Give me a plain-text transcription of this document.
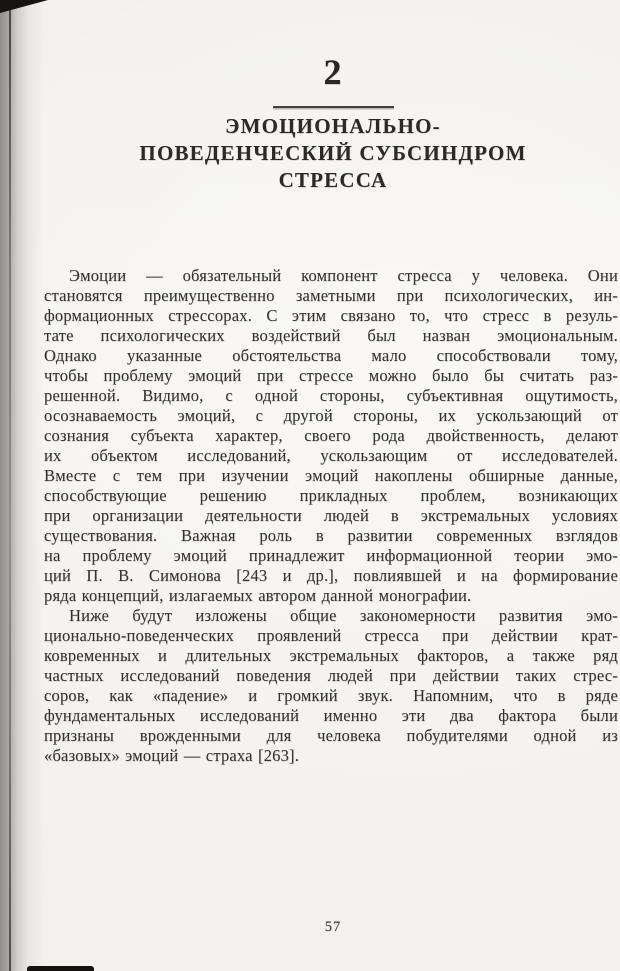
2
ЭМОЦИОНАЛЬНО-
ПОВЕДЕНЧЕСКИЙ СУБСИНДРОМ
СТРЕССА
Эмоции — обязательный компонент стресса у человека. Они
становятся преимущественно заметными при психологических, ин-
формационных стрессорах. С этим связано то, что стресс в резуль-
тате психологических воздействий был назван эмоциональным.
Однако указанные обстоятельства мало способствовали тому,
чтобы проблему эмоций при стрессе можно было бы считать раз-
решенной. Видимо, с одной стороны, субъективная ощутимость,
осознаваемость эмоций, с другой стороны, их ускользающий от
сознания субъекта характер, своего рода двойственность, делают
их объектом исследований, ускользающим от исследователей.
Вместе с тем при изучении эмоций накоплены обширные данные,
способствующие решению прикладных проблем, возникающих
при организации деятельности людей в экстремальных условиях
существования. Важная роль в развитии современных взглядов
на проблему эмоций принадлежит информационной теории эмо-
ций П. В. Симонова [243 и др.], повлиявшей и на формирование
ряда концепций, излагаемых автором данной монографии.
Ниже будут изложены общие закономерности развития эмо-
ционально-поведенческих проявлений стресса при действии крат-
ковременных и длительных экстремальных факторов, а также ряд
частных исследований поведения людей при действии таких стрес-
соров, как «падение» и громкий звук. Напомним, что в ряде
фундаментальных исследований именно эти два фактора были
признаны врожденными для человека побудителями одной из
«базовых» эмоций — страха [263].
57
